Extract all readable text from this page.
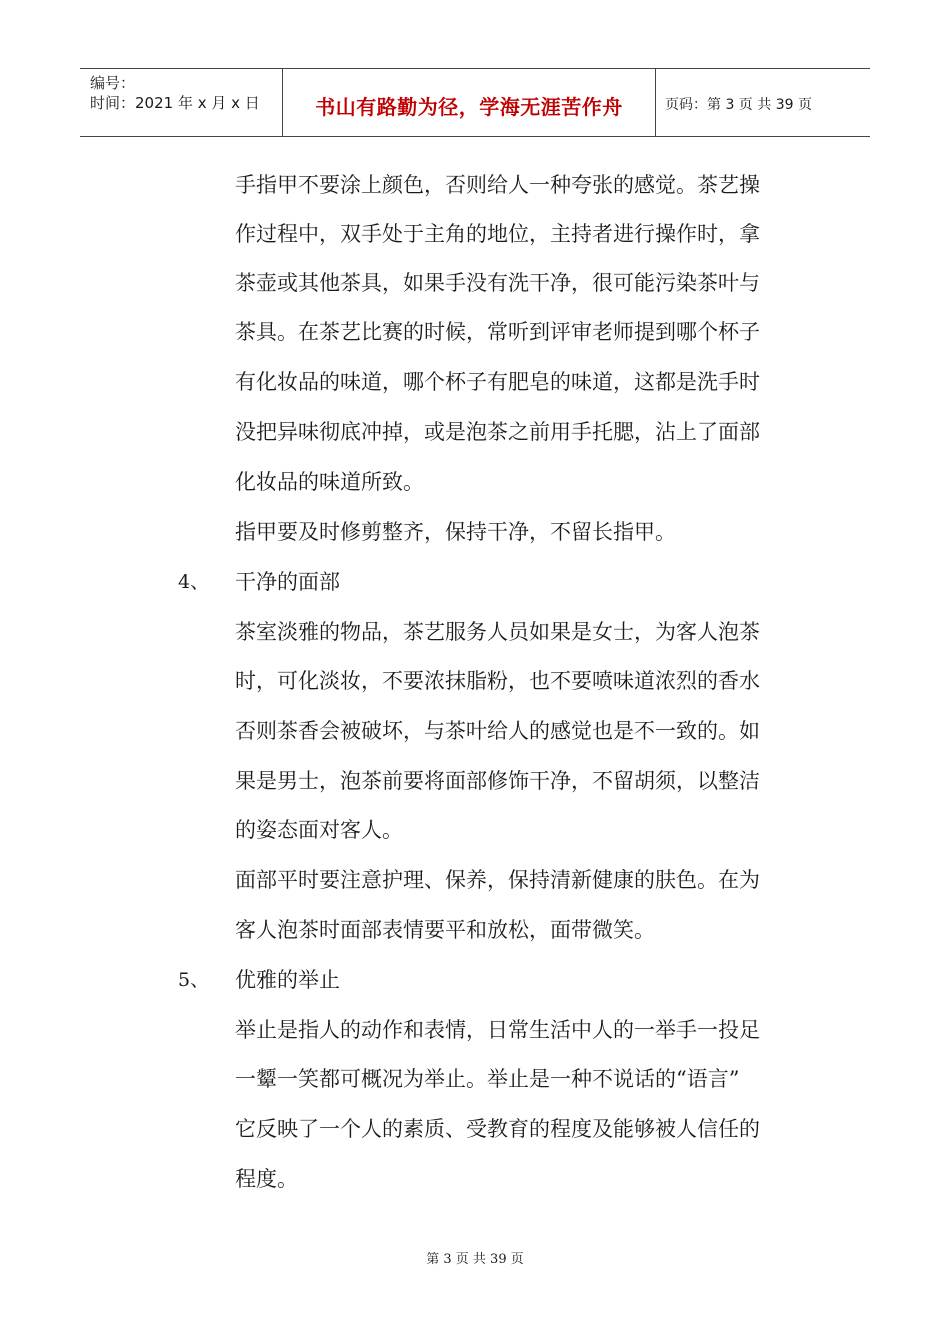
编号：
时间：2021 年 x 月 x 日	书山有路勤为径，学海无涯苦作舟	页码：第 3 页 共 39 页
手指甲不要涂上颜色，否则给人一种夸张的感觉。茶艺操
作过程中，双手处于主角的地位，主持者进行操作时，拿
茶壶或其他茶具，如果手没有洗干净，很可能污染茶叶与
茶具。在茶艺比赛的时候，常听到评审老师提到哪个杯子
有化妆品的味道，哪个杯子有肥皂的味道，这都是洗手时
没把异味彻底冲掉，或是泡茶之前用手托腮，沾上了面部
化妆品的味道所致。
指甲要及时修剪整齐，保持干净，不留长指甲。
4、 干净的面部
茶室淡雅的物品，茶艺服务人员如果是女士，为客人泡茶
时，可化淡妆，不要浓抹脂粉，也不要喷味道浓烈的香水
否则茶香会被破坏，与茶叶给人的感觉也是不一致的。如
果是男士，泡茶前要将面部修饰干净，不留胡须，以整洁
的姿态面对客人。
面部平时要注意护理、保养，保持清新健康的肤色。在为
客人泡茶时面部表情要平和放松，面带微笑。
5、 优雅的举止
举止是指人的动作和表情，日常生活中人的一举手一投足
一颦一笑都可概况为举止。举止是一种不说话的“语言”
它反映了一个人的素质、受教育的程度及能够被人信任的
程度。
第 3 页 共 39 页
